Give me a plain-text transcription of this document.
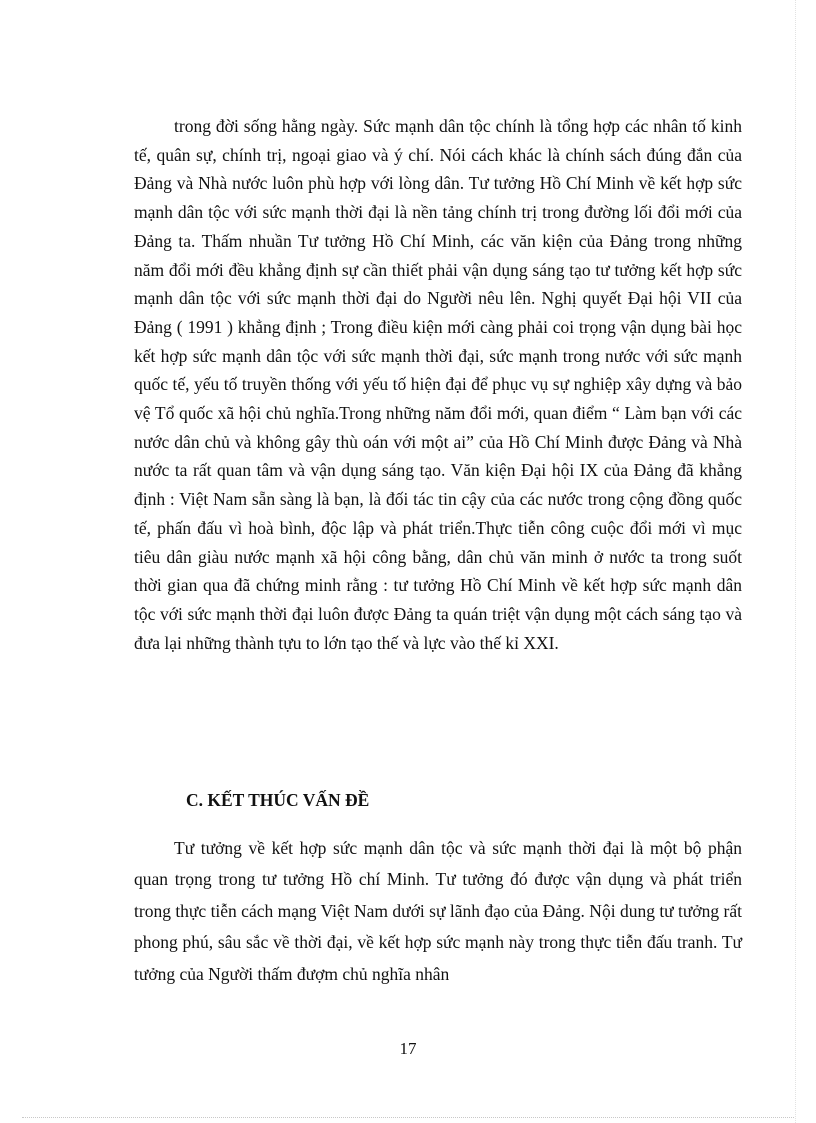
trong đời sống hằng ngày. Sức mạnh dân tộc chính là tổng hợp các nhân tố kinh tế, quân sự, chính trị, ngoại giao và ý chí. Nói cách khác là chính sách đúng đắn của Đảng và Nhà nước luôn phù hợp với lòng dân. Tư tưởng Hồ Chí Minh về kết hợp sức mạnh dân tộc với sức mạnh thời đại là nền tảng chính trị trong đường lối đổi mới của Đảng ta. Thấm nhuần Tư tưởng Hồ Chí Minh, các văn kiện của Đảng trong những năm đổi mới đều khẳng định sự cần thiết phải vận dụng sáng tạo tư tưởng kết hợp sức mạnh dân tộc với sức mạnh thời đại do Người nêu lên. Nghị quyết Đại hội VII của Đảng ( 1991 ) khẳng định ; Trong điều kiện mới càng phải coi trọng vận dụng bài học kết hợp sức mạnh dân tộc với sức mạnh thời đại, sức mạnh trong nước với sức mạnh quốc tế, yếu tố truyền thống với yếu tố hiện đại để phục vụ sự nghiệp xây dựng và bảo vệ Tổ quốc xã hội chủ nghĩa.Trong những năm đổi mới, quan điểm “ Làm bạn với các nước dân chủ và không gây thù oán với một ai” của Hồ Chí Minh được Đảng và Nhà nước ta rất quan tâm và vận dụng sáng tạo. Văn kiện Đại hội IX của Đảng đã khẳng định : Việt Nam sẵn sàng là bạn, là đối tác tin cậy của các nước trong cộng đồng quốc tế, phấn đấu vì hoà bình, độc lập và phát triển.Thực tiễn công cuộc đổi mới vì mục tiêu dân giàu nước mạnh xã hội công bằng, dân chủ văn minh ở nước ta trong suốt thời gian qua đã chứng minh rằng : tư tưởng Hồ Chí Minh về kết hợp sức mạnh dân tộc với sức mạnh thời đại luôn được Đảng ta quán triệt vận dụng một cách sáng tạo và đưa lại những thành tựu to lớn tạo thế và lực vào thế kỉ XXI.

C. KẾT THÚC VẤN ĐỀ

Tư tưởng về kết hợp sức mạnh dân tộc và sức mạnh thời đại là một bộ phận quan trọng trong tư tưởng Hồ chí Minh. Tư tưởng đó được vận dụng và phát triển trong thực tiễn cách mạng Việt Nam dưới sự lãnh đạo của Đảng. Nội dung tư tưởng rất phong phú, sâu sắc về thời đại, về kết hợp sức mạnh này trong thực tiễn đấu tranh. Tư tưởng của Người thấm đượm chủ nghĩa nhân

17
